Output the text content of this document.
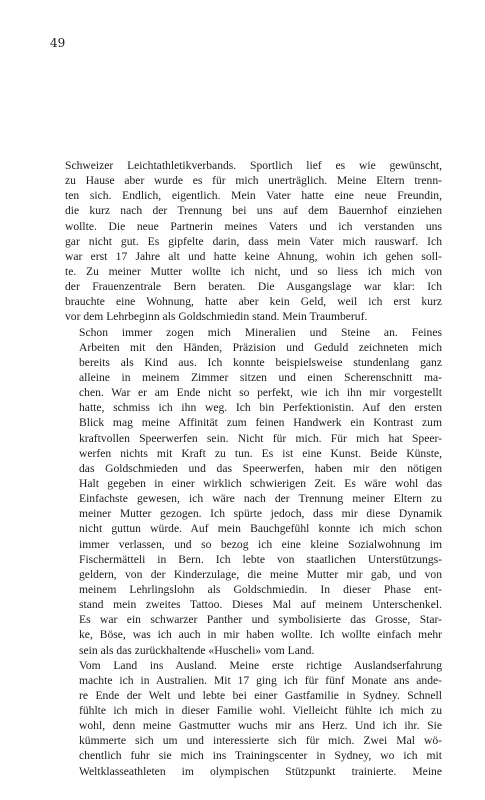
49

Schweizer Leichtathletikverbands. Sportlich lief es wie gewünscht,
zu Hause aber wurde es für mich unerträglich. Meine Eltern trenn-
ten sich. Endlich, eigentlich. Mein Vater hatte eine neue Freundin,
die kurz nach der Trennung bei uns auf dem Bauernhof einziehen
wollte. Die neue Partnerin meines Vaters und ich verstanden uns
gar nicht gut. Es gipfelte darin, dass mein Vater mich rauswarf. Ich
war erst 17 Jahre alt und hatte keine Ahnung, wohin ich gehen soll-
te. Zu meiner Mutter wollte ich nicht, und so liess ich mich von
der Frauenzentrale Bern beraten. Die Ausgangslage war klar: Ich
brauchte eine Wohnung, hatte aber kein Geld, weil ich erst kurz
vor dem Lehrbeginn als Goldschmiedin stand. Mein Traumberuf.

Schon immer zogen mich Mineralien und Steine an. Feines
Arbeiten mit den Händen, Präzision und Geduld zeichneten mich
bereits als Kind aus. Ich konnte beispielsweise stundenlang ganz
alleine in meinem Zimmer sitzen und einen Scherenschnitt ma-
chen. War er am Ende nicht so perfekt, wie ich ihn mir vorgestellt
hatte, schmiss ich ihn weg. Ich bin Perfektionistin. Auf den ersten
Blick mag meine Affinität zum feinen Handwerk ein Kontrast zum
kraftvollen Speerwerfen sein. Nicht für mich. Für mich hat Speer-
werfen nichts mit Kraft zu tun. Es ist eine Kunst. Beide Künste,
das Goldschmieden und das Speerwerfen, haben mir den nötigen
Halt gegeben in einer wirklich schwierigen Zeit. Es wäre wohl das
Einfachste gewesen, ich wäre nach der Trennung meiner Eltern zu
meiner Mutter gezogen. Ich spürte jedoch, dass mir diese Dynamik
nicht guttun würde. Auf mein Bauchgefühl konnte ich mich schon
immer verlassen, und so bezog ich eine kleine Sozialwohnung im
Fischermätteli in Bern. Ich lebte von staatlichen Unterstützungs-
geldern, von der Kinderzulage, die meine Mutter mir gab, und von
meinem Lehrlingslohn als Goldschmiedin. In dieser Phase ent-
stand mein zweites Tattoo. Dieses Mal auf meinem Unterschenkel.
Es war ein schwarzer Panther und symbolisierte das Grosse, Star-
ke, Böse, was ich auch in mir haben wollte. Ich wollte einfach mehr
sein als das zurückhaltende «Huscheli» vom Land.

Vom Land ins Ausland. Meine erste richtige Auslandserfahrung
machte ich in Australien. Mit 17 ging ich für fünf Monate ans ande-
re Ende der Welt und lebte bei einer Gastfamilie in Sydney. Schnell
fühlte ich mich in dieser Familie wohl. Vielleicht fühlte ich mich zu
wohl, denn meine Gastmutter wuchs mir ans Herz. Und ich ihr. Sie
kümmerte sich um und interessierte sich für mich. Zwei Mal wö-
chentlich fuhr sie mich ins Trainingscenter in Sydney, wo ich mit
Weltklasseathleten im olympischen Stützpunkt trainierte. Meine
